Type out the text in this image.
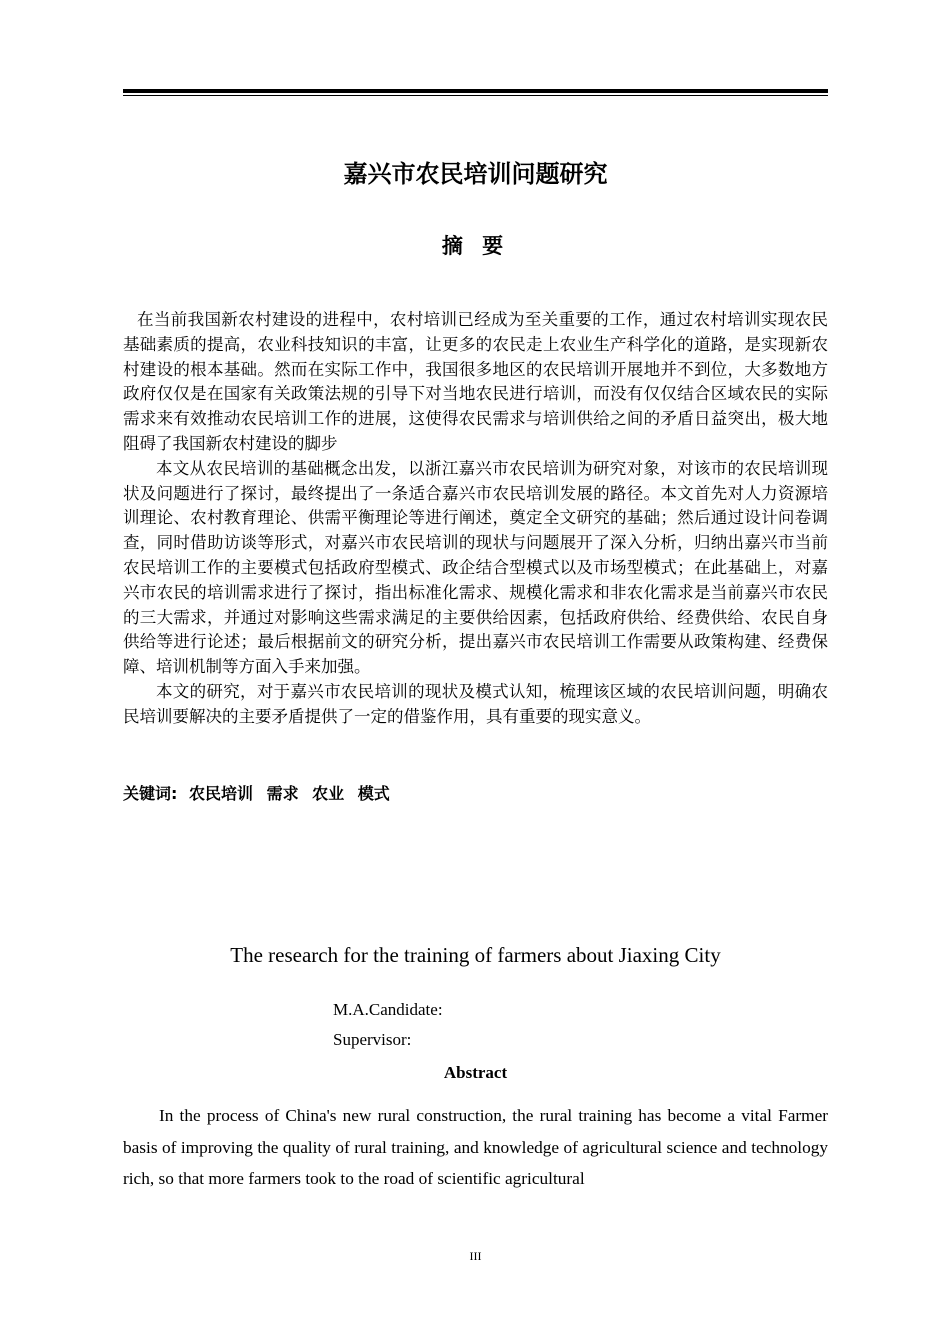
嘉兴市农民培训问题研究
摘 要

在当前我国新农村建设的进程中，农村培训已经成为至关重要的工作，通过农村培训实现农民基础素质的提高，农业科技知识的丰富，让更多的农民走上农业生产科学化的道路，是实现新农村建设的根本基础。然而在实际工作中，我国很多地区的农民培训开展地并不到位，大多数地方政府仅仅是在国家有关政策法规的引导下对当地农民进行培训，而没有仅仅结合区域农民的实际需求来有效推动农民培训工作的进展，这使得农民需求与培训供给之间的矛盾日益突出，极大地阻碍了我国新农村建设的脚步

本文从农民培训的基础概念出发，以浙江嘉兴市农民培训为研究对象，对该市的农民培训现状及问题进行了探讨，最终提出了一条适合嘉兴市农民培训发展的路径。本文首先对人力资源培训理论、农村教育理论、供需平衡理论等进行阐述，奠定全文研究的基础；然后通过设计问卷调查，同时借助访谈等形式，对嘉兴市农民培训的现状与问题展开了深入分析，归纳出嘉兴市当前农民培训工作的主要模式包括政府型模式、政企结合型模式以及市场型模式；在此基础上，对嘉兴市农民的培训需求进行了探讨，指出标准化需求、规模化需求和非农化需求是当前嘉兴市农民的三大需求，并通过对影响这些需求满足的主要供给因素，包括政府供给、经费供给、农民自身供给等进行论述；最后根据前文的研究分析，提出嘉兴市农民培训工作需要从政策构建、经费保障、培训机制等方面入手来加强。

本文的研究，对于嘉兴市农民培训的现状及模式认知，梳理该区域的农民培训问题，明确农民培训要解决的主要矛盾提供了一定的借鉴作用，具有重要的现实意义。

关键词: 农民培训 需求 农业 模式
The research for the training of farmers about Jiaxing City
M.A.Candidate:
Supervisor:
Abstract

In the process of China's new rural construction, the rural training has become a vital Farmer basis of improving the quality of rural training, and knowledge of agricultural science and technology rich, so that more farmers took to the road of scientific agricultural

III
